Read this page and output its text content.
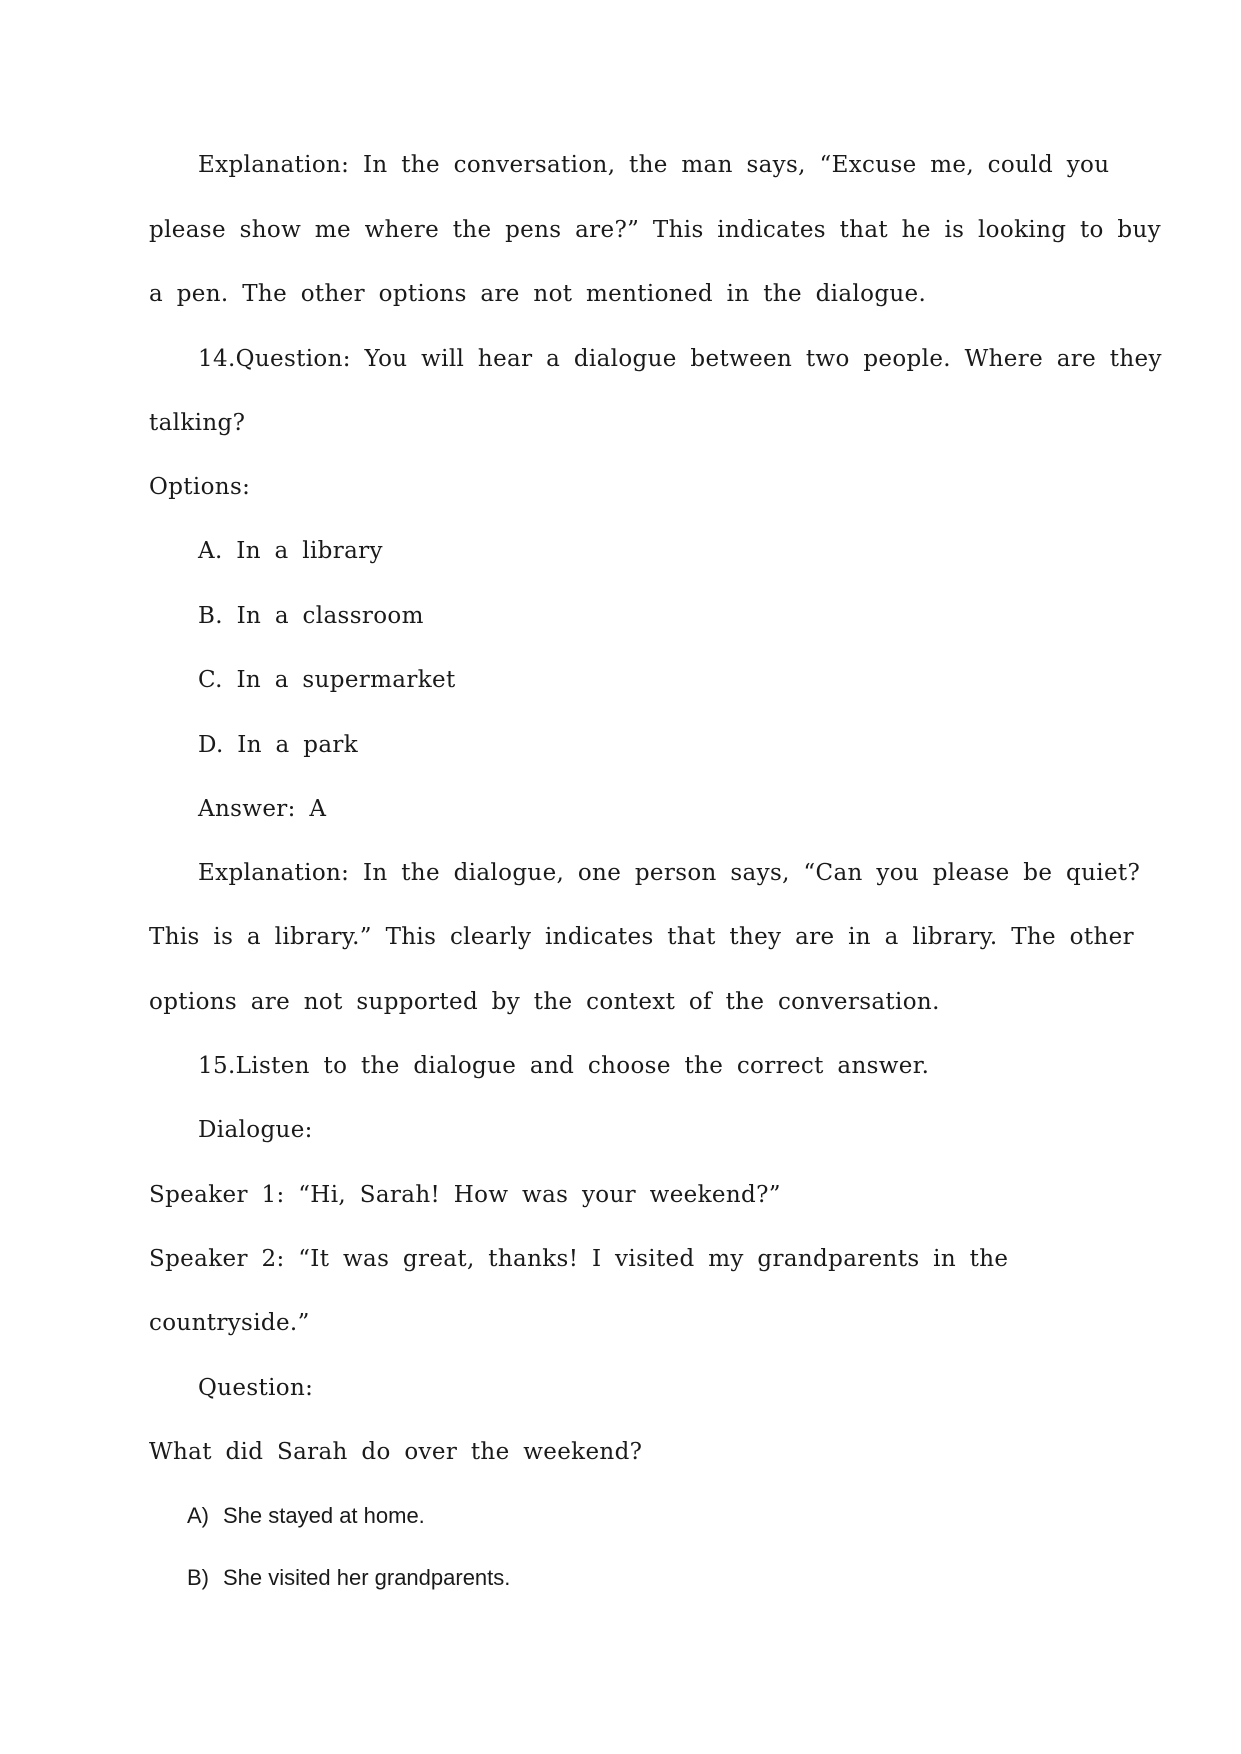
Explanation: In the conversation, the man says, “Excuse me, could you
please show me where the pens are?” This indicates that he is looking to buy
a pen. The other options are not mentioned in the dialogue.
14.Question: You will hear a dialogue between two people. Where are they
talking?
Options:
A. In a library
B. In a classroom
C. In a supermarket
D. In a park
Answer: A
Explanation: In the dialogue, one person says, “Can you please be quiet?
This is a library.” This clearly indicates that they are in a library. The other
options are not supported by the context of the conversation.
15.Listen to the dialogue and choose the correct answer.
Dialogue:
Speaker 1: “Hi, Sarah! How was your weekend?”
Speaker 2: “It was great, thanks! I visited my grandparents in the
countryside.”
Question:
What did Sarah do over the weekend?
A) She stayed at home.
B) She visited her grandparents.
